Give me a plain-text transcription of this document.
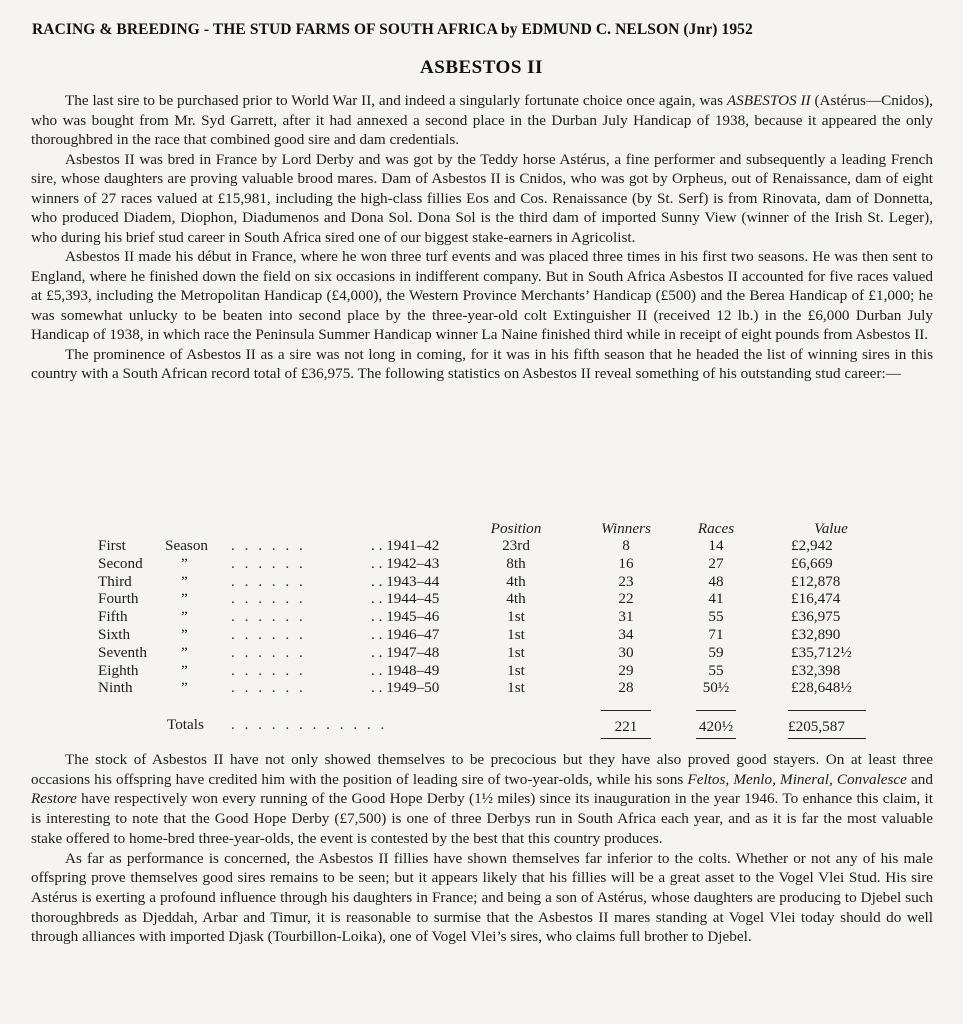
RACING & BREEDING - THE STUD FARMS OF SOUTH AFRICA by EDMUND C. NELSON (Jnr) 1952
ASBESTOS II

The last sire to be purchased prior to World War II, and indeed a singularly fortunate choice once again, was ASBESTOS II (Astérus—Cnidos), who was bought from Mr. Syd Garrett, after it had annexed a second place in the Durban July Handicap of 1938, because it appeared the only thoroughbred in the race that combined good sire and dam credentials.

Asbestos II was bred in France by Lord Derby and was got by the Teddy horse Astérus, a fine performer and subsequently a leading French sire, whose daughters are proving valuable brood mares. Dam of Asbestos II is Cnidos, who was got by Orpheus, out of Renaissance, dam of eight winners of 27 races valued at £15,981, including the high-class fillies Eos and Cos. Renaissance (by St. Serf) is from Rinovata, dam of Donnetta, who produced Diadem, Diophon, Diadumenos and Dona Sol. Dona Sol is the third dam of imported Sunny View (winner of the Irish St. Leger), who during his brief stud career in South Africa sired one of our biggest stake-earners in Agricolist.

Asbestos II made his début in France, where he won three turf events and was placed three times in his first two seasons. He was then sent to England, where he finished down the field on six occasions in indifferent company. But in South Africa Asbestos II accounted for five races valued at £5,393, including the Metropolitan Handicap (£4,000), the Western Province Merchants’ Handicap (£500) and the Berea Handicap of £1,000; he was somewhat unlucky to be beaten into second place by the three-year-old colt Extinguisher II (received 12 lb.) in the £6,000 Durban July Handicap of 1938, in which race the Peninsula Summer Handicap winner La Naine finished third while in receipt of eight pounds from Asbestos II.

The prominence of Asbestos II as a sire was not long in coming, for it was in his fifth season that he headed the list of winning sires in this country with a South African record total of £36,975. The following statistics on Asbestos II reveal something of his outstanding stud career:—

Position	Winners	Races	Value
First	Season . . . . . .	. . 1941–42	23rd	8	14	£2,942
Second	”	. . . . . .	. . 1942–43	8th	16	27	£6,669
Third	”	. . . . . .	. . 1943–44	4th	23	48	£12,878
Fourth	”	. . . . . .	. . 1944–45	4th	22	41	£16,474
Fifth	”	. . . . . .	. . 1945–46	1st	31	55	£36,975
Sixth	”	. . . . . .	. . 1946–47	1st	34	71	£32,890
Seventh ”	. . . . . .	. . 1947–48	1st	30	59	£35,712½
Eighth	”	. . . . . .	. . 1948–49	1st	29	55	£32,398
Ninth	”	. . . . . .	. . 1949–50	1st	28	50½	£28,648½
Totals . . . . . . . . . . . .	221	420½	£205,587

The stock of Asbestos II have not only showed themselves to be precocious but they have also proved good stayers. On at least three occasions his offspring have credited him with the position of leading sire of two-year-olds, while his sons Feltos, Menlo, Mineral, Convalesce and Restore have respectively won every running of the Good Hope Derby (1½ miles) since its inauguration in the year 1946. To enhance this claim, it is interesting to note that the Good Hope Derby (£7,500) is one of three Derbys run in South Africa each year, and as it is far the most valuable stake offered to home-bred three-year-olds, the event is contested by the best that this country produces.

As far as performance is concerned, the Asbestos II fillies have shown themselves far inferior to the colts. Whether or not any of his male offspring prove themselves good sires remains to be seen; but it appears likely that his fillies will be a great asset to the Vogel Vlei Stud. His sire Astérus is exerting a profound influence through his daughters in France; and being a son of Astérus, whose daughters are producing to Djebel such thoroughbreds as Djeddah, Arbar and Timur, it is reasonable to surmise that the Asbestos II mares standing at Vogel Vlei today should do well through alliances with imported Djask (Tourbillon-Loika), one of Vogel Vlei’s sires, who claims full brother to Djebel.
